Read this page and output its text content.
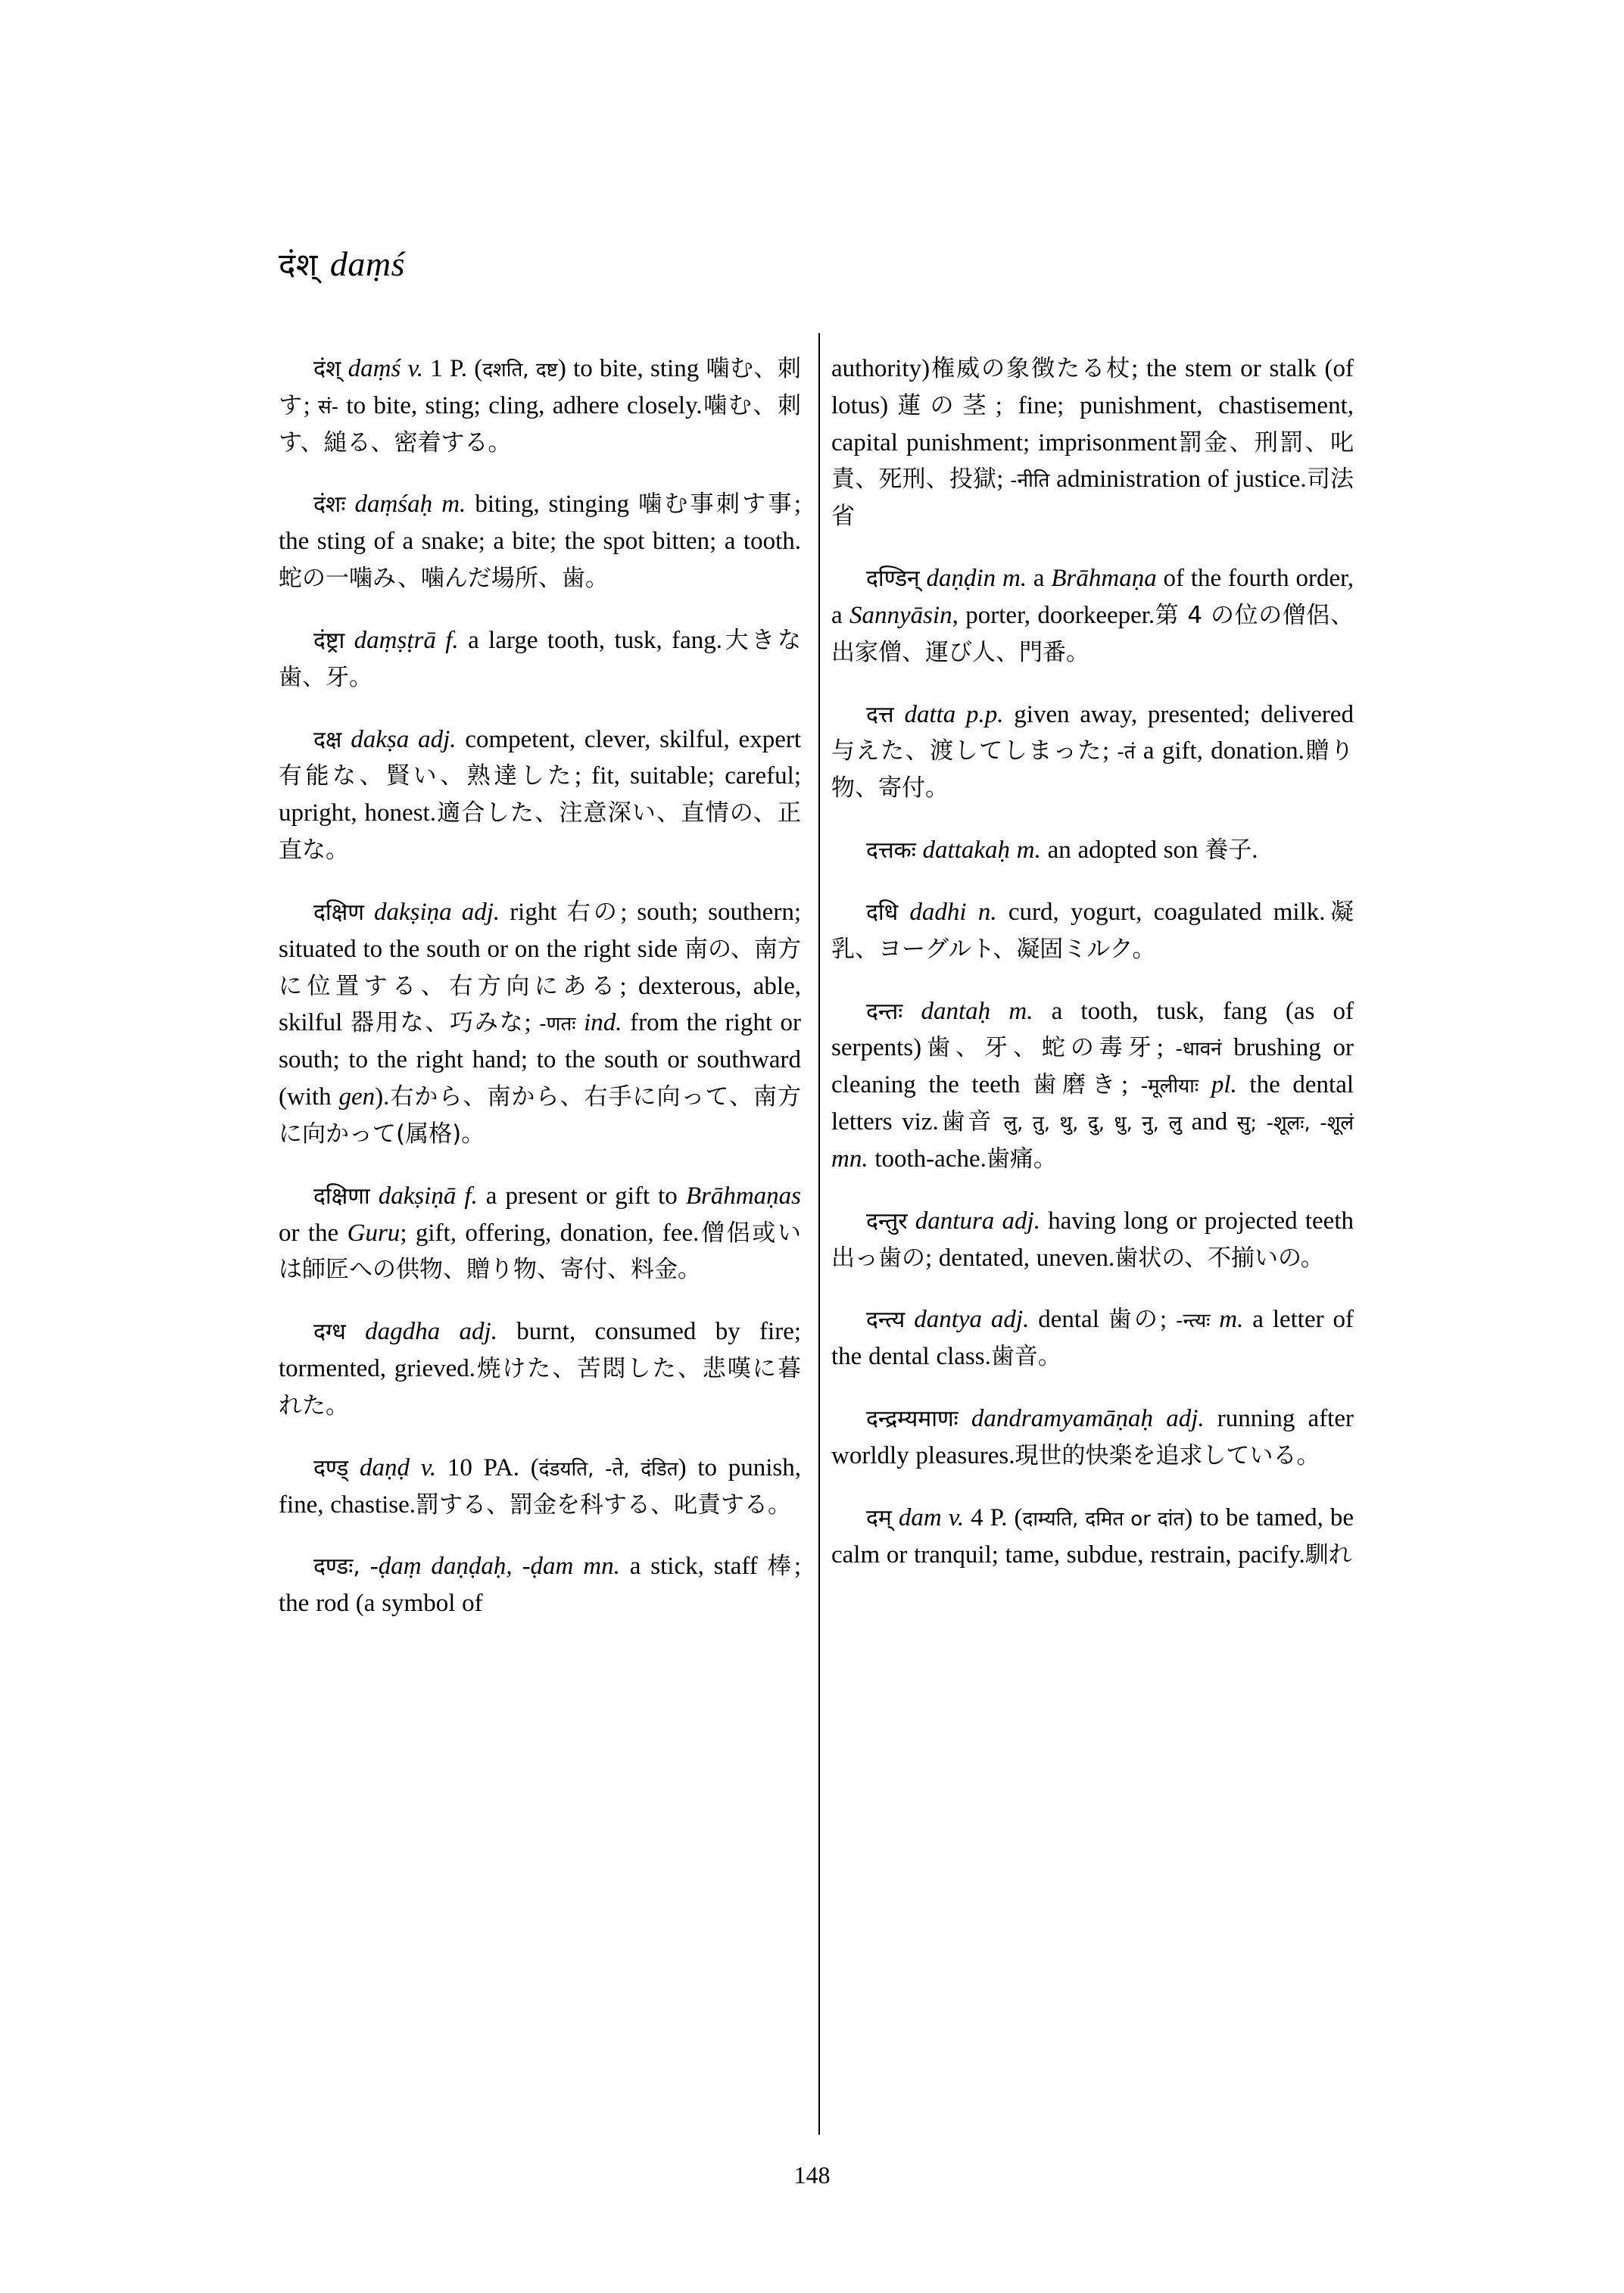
दंश् daṃś

दंश् daṃś v. 1 P. (दशति, दष्ट) to bite, sting 噛む、刺す; सं- to bite, sting; cling, adhere closely.噛む、刺す、縋る、密着する。

दंशः daṃśaḥ m. biting, stinging 噛む事刺す事; the sting of a snake; a bite; the spot bitten; a tooth.蛇の一噛み、噛んだ場所、歯。

दंष्ट्रा daṃṣṭrā f. a large tooth, tusk, fang.大きな歯、牙。

दक्ष dakṣa adj. competent, clever, skilful, expert有能な、賢い、熟達した; fit, suitable; careful; upright, honest.適合した、注意深い、直情の、正直な。

दक्षिण dakṣiṇa adj. right 右の; south; southern; situated to the south or on the right side 南の、南方に位置する、右方向にある; dexterous, able, skilful 器用な、巧みな; -णतः ind. from the right or south; to the right hand; to the south or southward (with gen).右から、南から、右手に向って、南方に向かって(属格)。

दक्षिणा dakṣiṇā f. a present or gift to Brāhmaṇas or the Guru; gift, offering, donation, fee.僧侶或いは師匠への供物、贈り物、寄付、料金。

दग्ध dagdha adj. burnt, consumed by fire; tormented, grieved.焼けた、苦悶した、悲嘆に暮れた。

दण्ड् daṇḍ v. 10 PA. (दंडयति, -ते, दंडित) to punish, fine, chastise.罰する、罰金を科する、叱責する。

दण्डः, -ḍaṃ daṇḍaḥ, -ḍam mn. a stick, staff 棒; the rod (a symbol of

authority)権威の象徴たる杖; the stem or stalk (of lotus)蓮の茎; fine; punishment, chastisement, capital punishment; imprisonment罰金、刑罰、叱責、死刑、投獄; -नीति administration of justice.司法省

दण्डिन् daṇḍin m. a Brāhmaṇa of the fourth order, a Sannyāsin, porter, doorkeeper.第 4 の位の僧侶、出家僧、運び人、門番。

दत्त datta p.p. given away, presented; delivered与えた、渡してしまった; -तं a gift, donation.贈り物、寄付。

दत्तकः dattakaḥ m. an adopted son 養子.

दधि dadhi n. curd, yogurt, coagulated milk.凝乳、ヨーグルト、凝固ミルク。

दन्तः dantaḥ m. a tooth, tusk, fang (as of serpents)歯、牙、蛇の毒牙; -धावनं brushing or cleaning the teeth 歯磨き; -मूलीयाः pl. the dental letters viz.歯音 लु, तु, थु, दु, धु, नु, लु and सु; -शूलः, -शूलं mn. tooth-ache.歯痛。

दन्तुर dantura adj. having long or projected teeth 出っ歯の; dentated, uneven.歯状の、不揃いの。

दन्त्य dantya adj. dental 歯の; -न्त्यः m. a letter of the dental class.歯音。

दन्द्रम्यमाणः dandramyamāṇaḥ adj. running after worldly pleasures.現世的快楽を追求している。

दम् dam v. 4 P. (दाम्यति, दमित or दांत) to be tamed, be calm or tranquil; tame, subdue, restrain, pacify.馴れ

148
